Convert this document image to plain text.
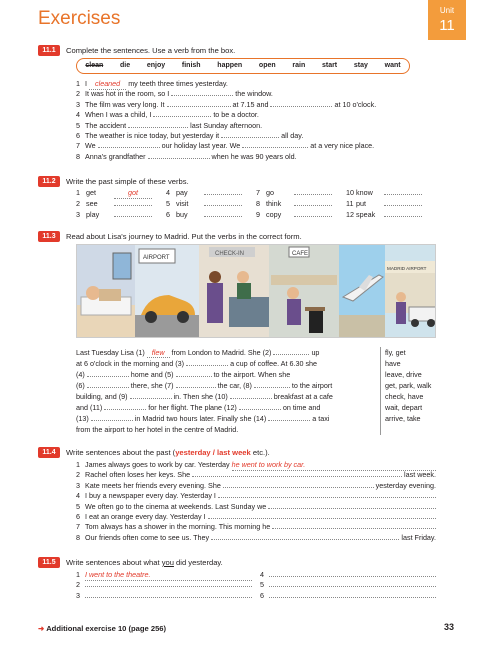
Exercises	Unit
11
11.1	Complete the sentences. Use a verb from the box.
clean die enjoy finish happen open rain start stay want
1 I
	cleaned
	my teeth three times yesterday.
2 It was hot in the room, so I

	the window.
3 The film was very long. It

	at 7.15 and

	at 10 o'clock.
4 When I was a child, I

	to be a doctor.
5 The accident

	last Sunday afternoon.
6 The weather is nice today, but yesterday it

	all day.
7 We

	our holiday last year. We

	at a very nice place.
8 Anna's grandfather

	when he was 90 years old.
11.2	Write the past simple of these verbs.
1 get	got	4 pay	7 go	10 know
2 see	5 visit	8 think	11 put
3 play	6 buy	9 copy	12 speak
11.3	Read about Lisa's journey to Madrid. Put the verbs in the correct form.
AIRPORT
CHECK-IN	CAFE
MADRID AIRPORT
Last Tuesday Lisa (1) flew from London to Madrid. She (2)	up
at 6 o'clock in the morning and (3)	a cup of coffee. At 6.30 she
(4)	home and (5)	to the airport. When she
(6)	there, she (7)	the car, (8)	to the airport
building, and (9)	in. Then she (10)	breakfast at a cafe
and (11)	for her flight. The plane (12)	on time and
(13)	in Madrid two hours later. Finally she (14)	a taxi
from the airport to her hotel in the centre of Madrid.
fly, get
have
leave, drive
get, park, walk
check, have
wait, depart
arrive, take
11.4	Write sentences about the past (yesterday / last week etc.).
1 James always goes to work by car. Yesterday
he went to work by car.
2 Rachel often loses her keys. She

	last week.
3 Kate meets her friends every evening. She

	yesterday evening.
4 I buy a newspaper every day. Yesterday I

5 We often go to the cinema at weekends. Last Sunday we

6 I eat an orange every day. Yesterday I

7 Tom always has a shower in the morning. This morning he

8 Our friends often come to see us. They

	last Friday.
11.5	Write sentences about what you did yesterday.
1 I went to the theatre.
2
3
4
5
6
➜ Additional exercise 10 (page 256)	33
